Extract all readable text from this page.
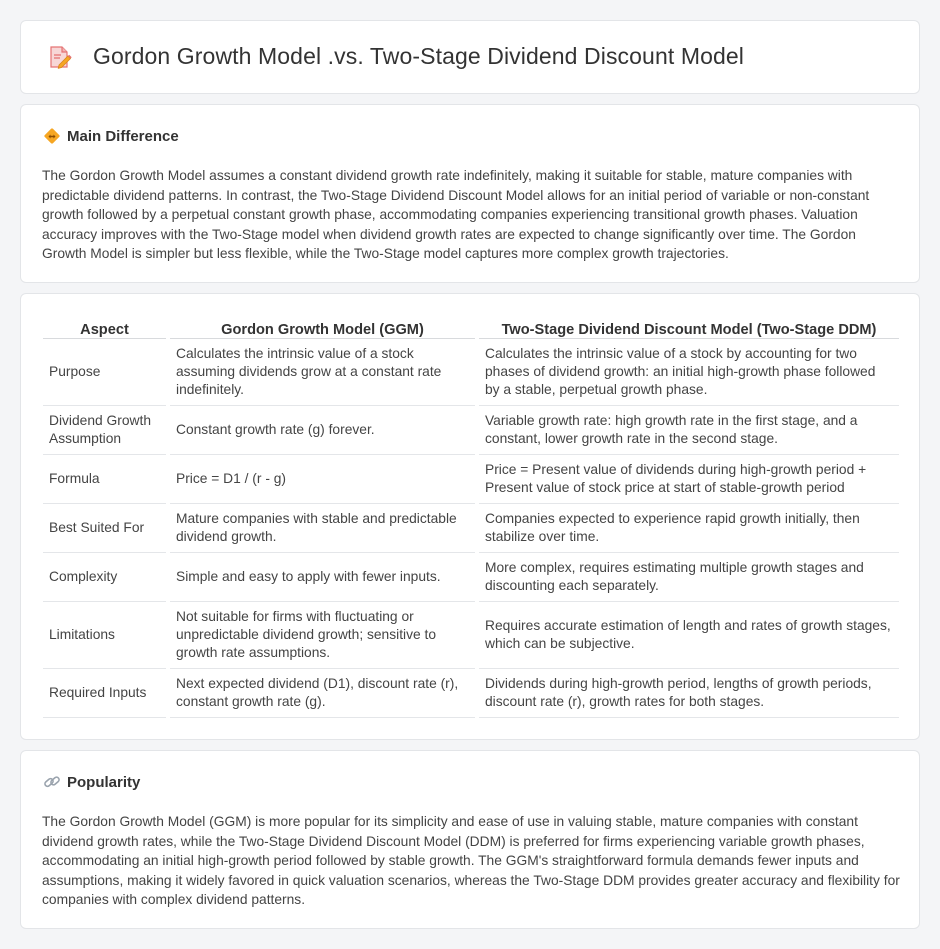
Gordon Growth Model .vs. Two-Stage Dividend Discount Model
Main Difference

The Gordon Growth Model assumes a constant dividend growth rate indefinitely, making it suitable for stable, mature companies with predictable dividend patterns. In contrast, the Two-Stage Dividend Discount Model allows for an initial period of variable or non-constant growth followed by a perpetual constant growth phase, accommodating companies experiencing transitional growth phases. Valuation accuracy improves with the Two-Stage model when dividend growth rates are expected to change significantly over time. The Gordon Growth Model is simpler but less flexible, while the Two-Stage model captures more complex growth trajectories.

Aspect		Gordon Growth Model (GGM)		Two-Stage Dividend Discount Model (Two-Stage DDM)
Purpose		Calculates the intrinsic value of a stock assuming dividends grow at a constant rate indefinitely.		Calculates the intrinsic value of a stock by accounting for two phases of dividend growth: an initial high-growth phase followed by a stable, perpetual growth phase.
Dividend Growth Assumption		Constant growth rate (g) forever.		Variable growth rate: high growth rate in the first stage, and a constant, lower growth rate in the second stage.
Formula		Price = D1 / (r - g)		Price = Present value of dividends during high-growth period + Present value of stock price at start of stable-growth period
Best Suited For		Mature companies with stable and predictable dividend growth.		Companies expected to experience rapid growth initially, then stabilize over time.
Complexity		Simple and easy to apply with fewer inputs.		More complex, requires estimating multiple growth stages and discounting each separately.
Limitations		Not suitable for firms with fluctuating or unpredictable dividend growth; sensitive to growth rate assumptions.		Requires accurate estimation of length and rates of growth stages, which can be subjective.
Required Inputs		Next expected dividend (D1), discount rate (r), constant growth rate (g).		Dividends during high-growth period, lengths of growth periods, discount rate (r), growth rates for both stages.
Popularity

The Gordon Growth Model (GGM) is more popular for its simplicity and ease of use in valuing stable, mature companies with constant dividend growth rates, while the Two-Stage Dividend Discount Model (DDM) is preferred for firms experiencing variable growth phases, accommodating an initial high-growth period followed by stable growth. The GGM's straightforward formula demands fewer inputs and assumptions, making it widely favored in quick valuation scenarios, whereas the Two-Stage DDM provides greater accuracy and flexibility for companies with complex dividend patterns.
